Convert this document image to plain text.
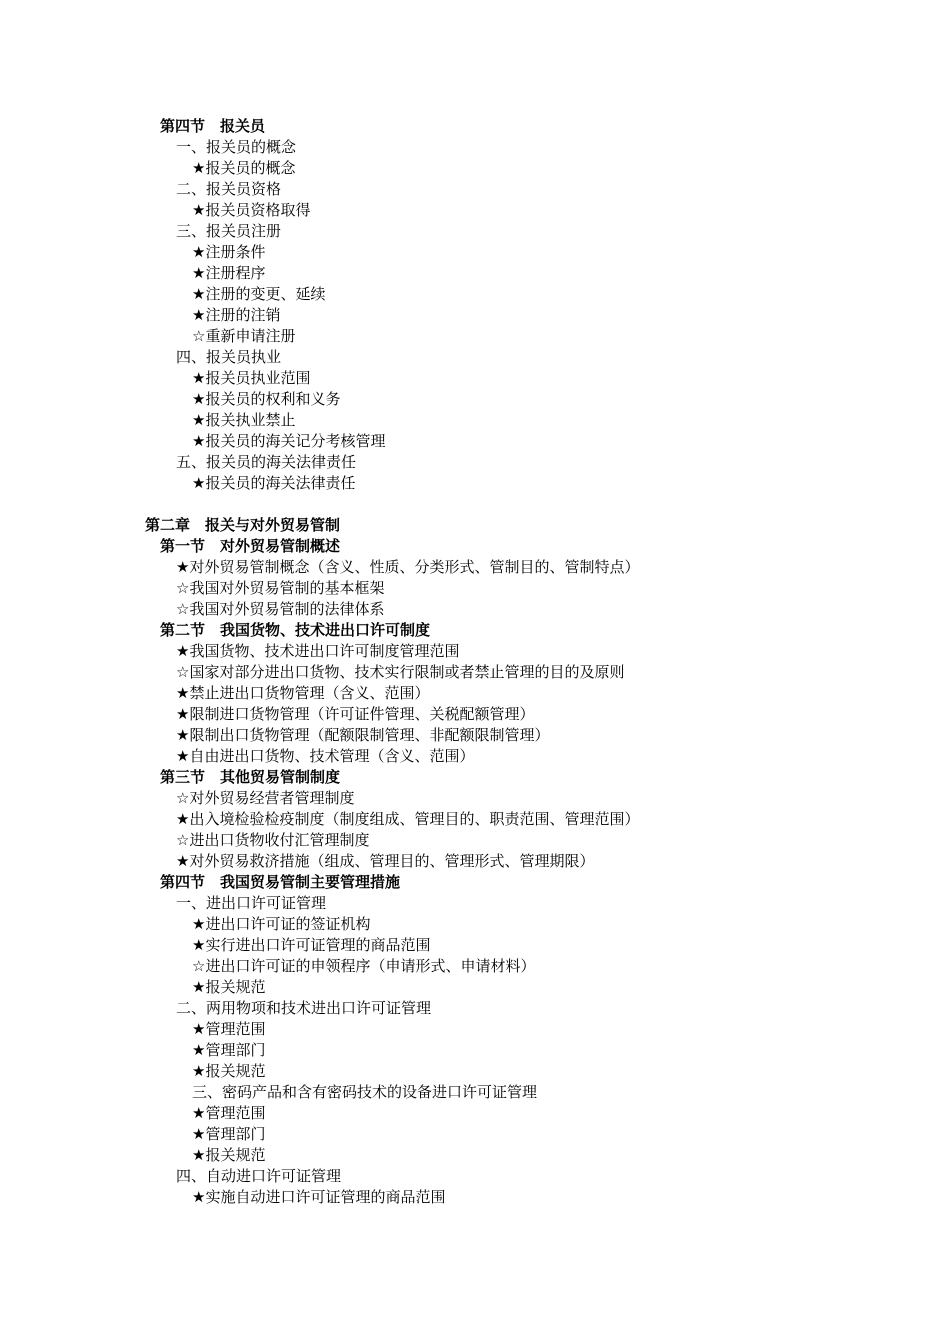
第四节　报关员
一、报关员的概念
★报关员的概念
二、报关员资格
★报关员资格取得
三、报关员注册
★注册条件
★注册程序
★注册的变更、延续
★注册的注销
☆重新申请注册
四、报关员执业
★报关员执业范围
★报关员的权利和义务
★报关执业禁止
★报关员的海关记分考核管理
五、报关员的海关法律责任
★报关员的海关法律责任
第二章　报关与对外贸易管制
第一节　对外贸易管制概述
★对外贸易管制概念（含义、性质、分类形式、管制目的、管制特点）
☆我国对外贸易管制的基本框架
☆我国对外贸易管制的法律体系
第二节　我国货物、技术进出口许可制度
★我国货物、技术进出口许可制度管理范围
☆国家对部分进出口货物、技术实行限制或者禁止管理的目的及原则
★禁止进出口货物管理（含义、范围）
★限制进口货物管理（许可证件管理、关税配额管理）
★限制出口货物管理（配额限制管理、非配额限制管理）
★自由进出口货物、技术管理（含义、范围）
第三节　其他贸易管制制度
☆对外贸易经营者管理制度
★出入境检验检疫制度（制度组成、管理目的、职责范围、管理范围）
☆进出口货物收付汇管理制度
★对外贸易救济措施（组成、管理目的、管理形式、管理期限）
第四节　我国贸易管制主要管理措施
一、进出口许可证管理
★进出口许可证的签证机构
★实行进出口许可证管理的商品范围
☆进出口许可证的申领程序（申请形式、申请材料）
★报关规范
二、两用物项和技术进出口许可证管理
★管理范围
★管理部门
★报关规范
三、密码产品和含有密码技术的设备进口许可证管理
★管理范围
★管理部门
★报关规范
四、自动进口许可证管理
★实施自动进口许可证管理的商品范围
